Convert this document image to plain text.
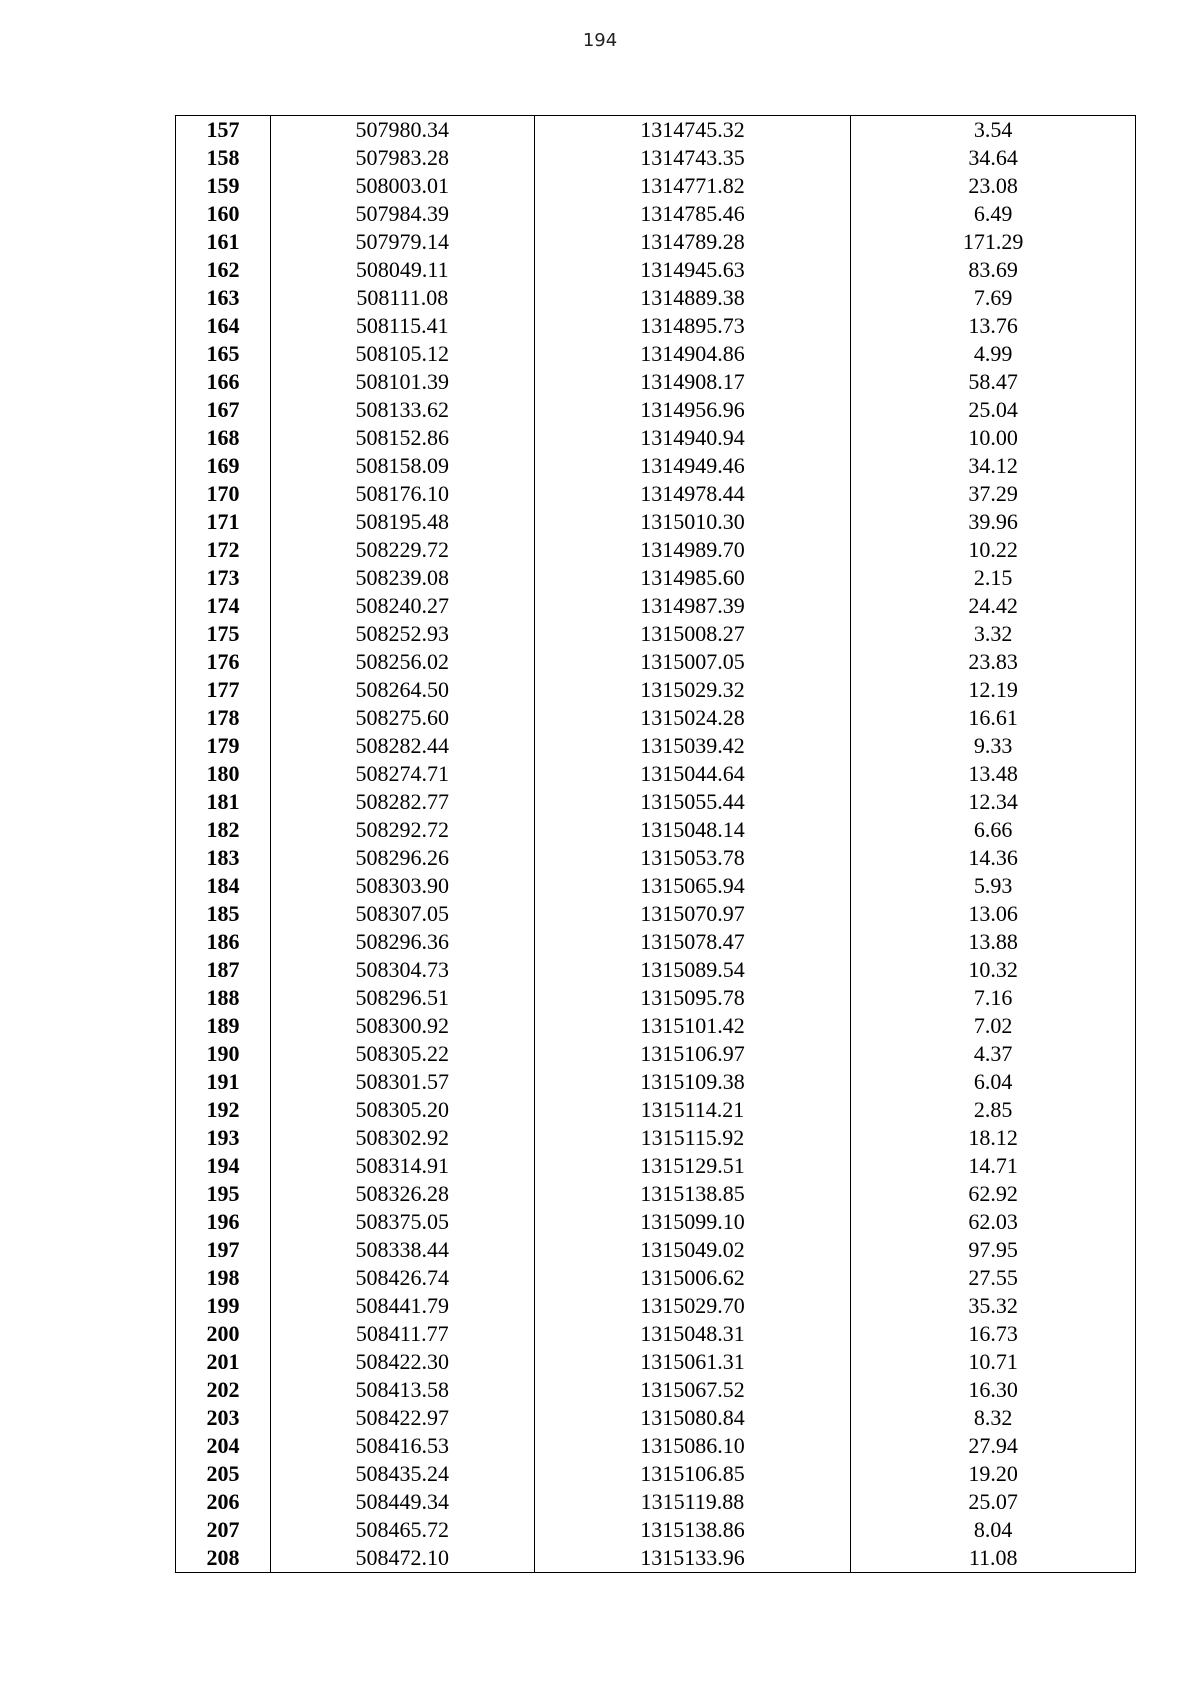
194
157	507980.34	1314745.32	3.54
158	507983.28	1314743.35	34.64
159	508003.01	1314771.82	23.08
160	507984.39	1314785.46	6.49
161	507979.14	1314789.28	171.29
162	508049.11	1314945.63	83.69
163	508111.08	1314889.38	7.69
164	508115.41	1314895.73	13.76
165	508105.12	1314904.86	4.99
166	508101.39	1314908.17	58.47
167	508133.62	1314956.96	25.04
168	508152.86	1314940.94	10.00
169	508158.09	1314949.46	34.12
170	508176.10	1314978.44	37.29
171	508195.48	1315010.30	39.96
172	508229.72	1314989.70	10.22
173	508239.08	1314985.60	2.15
174	508240.27	1314987.39	24.42
175	508252.93	1315008.27	3.32
176	508256.02	1315007.05	23.83
177	508264.50	1315029.32	12.19
178	508275.60	1315024.28	16.61
179	508282.44	1315039.42	9.33
180	508274.71	1315044.64	13.48
181	508282.77	1315055.44	12.34
182	508292.72	1315048.14	6.66
183	508296.26	1315053.78	14.36
184	508303.90	1315065.94	5.93
185	508307.05	1315070.97	13.06
186	508296.36	1315078.47	13.88
187	508304.73	1315089.54	10.32
188	508296.51	1315095.78	7.16
189	508300.92	1315101.42	7.02
190	508305.22	1315106.97	4.37
191	508301.57	1315109.38	6.04
192	508305.20	1315114.21	2.85
193	508302.92	1315115.92	18.12
194	508314.91	1315129.51	14.71
195	508326.28	1315138.85	62.92
196	508375.05	1315099.10	62.03
197	508338.44	1315049.02	97.95
198	508426.74	1315006.62	27.55
199	508441.79	1315029.70	35.32
200	508411.77	1315048.31	16.73
201	508422.30	1315061.31	10.71
202	508413.58	1315067.52	16.30
203	508422.97	1315080.84	8.32
204	508416.53	1315086.10	27.94
205	508435.24	1315106.85	19.20
206	508449.34	1315119.88	25.07
207	508465.72	1315138.86	8.04
208	508472.10	1315133.96	11.08
